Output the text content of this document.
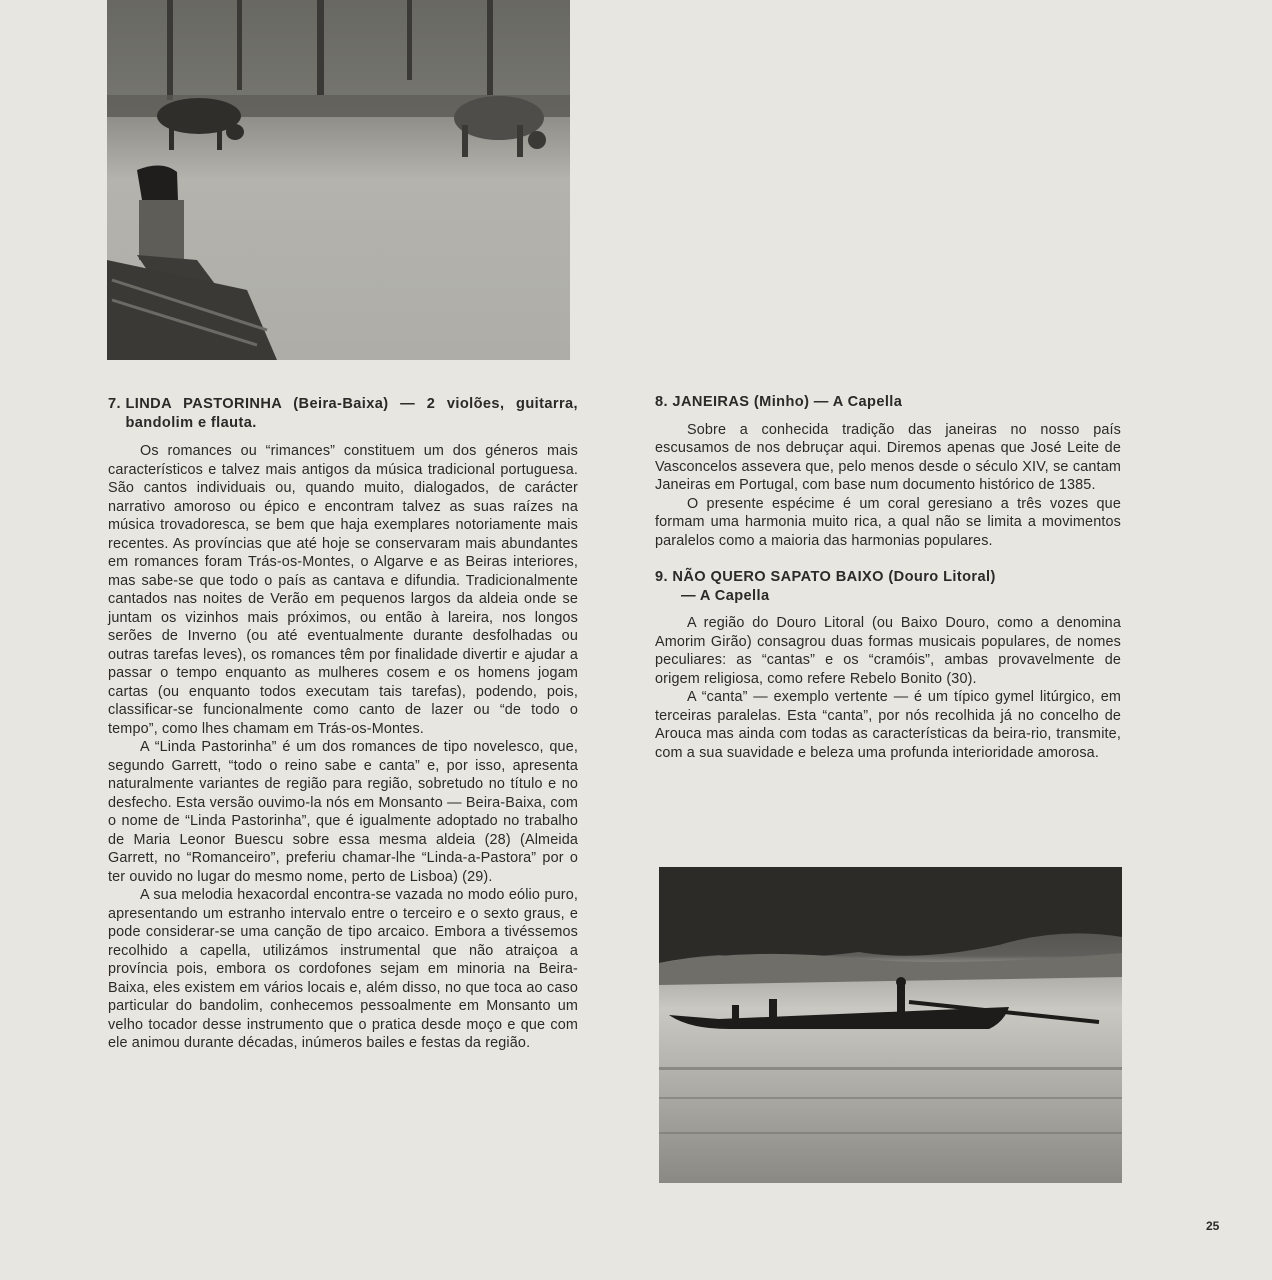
7. LINDA PASTORINHA (Beira-Baixa) — 2 violões, guitarra, bandolim e flauta.

Os romances ou “rimances” constituem um dos géneros mais característicos e talvez mais antigos da música tradicional portuguesa. São cantos individuais ou, quando muito, dialogados, de carácter narrativo amoroso ou épico e encontram talvez as suas raízes na música trovadoresca, se bem que haja exemplares notoriamente mais recentes. As províncias que até hoje se conservaram mais abundantes em romances foram Trás-os-Montes, o Algarve e as Beiras interiores, mas sabe-se que todo o país as cantava e difundia. Tradicionalmente cantados nas noites de Verão em pequenos largos da aldeia onde se juntam os vizinhos mais próximos, ou então à lareira, nos longos serões de Inverno (ou até eventualmente durante desfolhadas ou outras tarefas leves), os romances têm por finalidade divertir e ajudar a passar o tempo enquanto as mulheres cosem e os homens jogam cartas (ou enquanto todos executam tais tarefas), podendo, pois, classificar-se funcionalmente como canto de lazer ou “de todo o tempo”, como lhes chamam em Trás-os-Montes.

A “Linda Pastorinha” é um dos romances de tipo novelesco, que, segundo Garrett, “todo o reino sabe e canta” e, por isso, apresenta naturalmente variantes de região para região, sobretudo no título e no desfecho. Esta versão ouvimo-la nós em Monsanto — Beira-Baixa, com o nome de “Linda Pastorinha”, que é igualmente adoptado no trabalho de Maria Leonor Buescu sobre essa mesma aldeia (28) (Almeida Garrett, no “Romanceiro”, preferiu chamar-lhe “Linda-a-Pastora” por o ter ouvido no lugar do mesmo nome, perto de Lisboa) (29).

A sua melodia hexacordal encontra-se vazada no modo eólio puro, apresentando um estranho intervalo entre o terceiro e o sexto graus, e pode considerar-se uma canção de tipo arcaico. Embora a tivéssemos recolhido a capella, utilizámos instrumental que não atraiçoa a província pois, embora os cordofones sejam em minoria na Beira-Baixa, eles existem em vários locais e, além disso, no que toca ao caso particular do bandolim, conhecemos pessoalmente em Monsanto um velho tocador desse instrumento que o pratica desde moço e que com ele animou durante décadas, inúmeros bailes e festas da região.

8. JANEIRAS (Minho) — A Capella

Sobre a conhecida tradição das janeiras no nosso país escusamos de nos debruçar aqui. Diremos apenas que José Leite de Vasconcelos assevera que, pelo menos desde o século XIV, se cantam Janeiras em Portugal, com base num documento histórico de 1385.

O presente espécime é um coral geresiano a três vozes que formam uma harmonia muito rica, a qual não se limita a movimentos paralelos como a maioria das harmonias populares.

9. NÃO QUERO SAPATO BAIXO (Douro Litoral)
— A Capella

A região do Douro Litoral (ou Baixo Douro, como a denomina Amorim Girão) consagrou duas formas musicais populares, de nomes peculiares: as “cantas” e os “cramóis”, ambas provavelmente de origem religiosa, como refere Rebelo Bonito (30).

A “canta” — exemplo vertente — é um típico gymel litúrgico, em terceiras paralelas. Esta “canta”, por nós recolhida já no concelho de Arouca mas ainda com todas as características da beira-rio, transmite, com a sua suavidade e beleza uma profunda interioridade amorosa.

25
